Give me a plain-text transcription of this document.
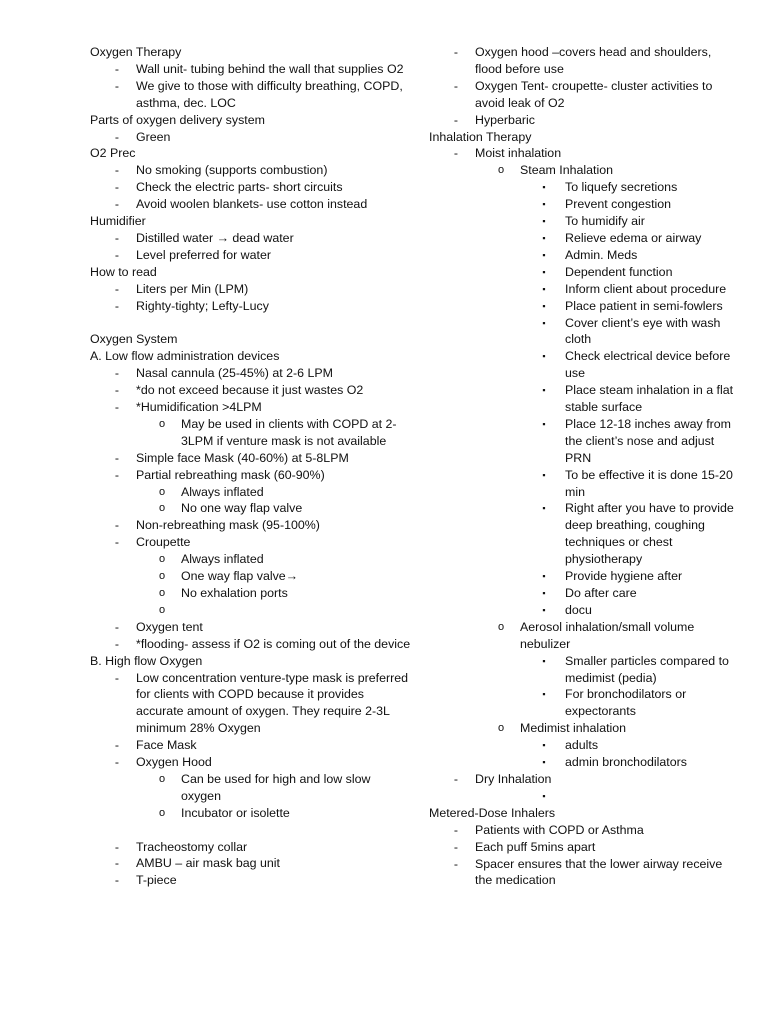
Oxygen Therapy
- Wall unit- tubing behind the wall that supplies O2
- We give to those with difficulty breathing, COPD, asthma, dec. LOC
Parts of oxygen delivery system
- Green
O2 Prec
- No smoking (supports combustion)
- Check the electric parts- short circuits
- Avoid woolen blankets- use cotton instead
Humidifier
- Distilled water → dead water
- Level preferred for water
How to read
- Liters per Min (LPM)
- Righty-tighty; Lefty-Lucy
Oxygen System
A. Low flow administration devices
- Nasal cannula (25-45%) at 2-6 LPM
- *do not exceed because it just wastes O2
- *Humidification >4LPM
o May be used in clients with COPD at 2-3LPM if venture mask is not available
- Simple face Mask (40-60%) at 5-8LPM
- Partial rebreathing mask (60-90%)
o Always inflated
o No one way flap valve
- Non-rebreathing mask (95-100%)
- Croupette
o Always inflated
o One way flap valve→
o No exhalation ports
o

- Oxygen tent
- *flooding- assess if O2 is coming out of the device
B. High flow Oxygen
- Low concentration venture-type mask is preferred for clients with COPD because it provides accurate amount of oxygen. They require 2-3L minimum 28% Oxygen
- Face Mask
- Oxygen Hood
o Can be used for high and low slow oxygen
o Incubator or isolette
- Tracheostomy collar
- AMBU – air mask bag unit
- T-piece
- Oxygen hood –covers head and shoulders, flood before use
- Oxygen Tent- croupette- cluster activities to avoid leak of O2
- Hyperbaric
Inhalation Therapy
- Moist inhalation
o Steam Inhalation
▪ To liquefy secretions
▪ Prevent congestion
▪ To humidify air
▪ Relieve edema or airway
▪ Admin. Meds
▪ Dependent function
▪ Inform client about procedure
▪ Place patient in semi-fowlers
▪ Cover client’s eye with wash cloth
▪ Check electrical device before use
▪ Place steam inhalation in a flat stable surface
▪ Place 12-18 inches away from the client’s nose and adjust PRN
▪ To be effective it is done 15-20 min
▪ Right after you have to provide deep breathing, coughing techniques or chest physiotherapy
▪ Provide hygiene after
▪ Do after care
▪ docu
o Aerosol inhalation/small volume nebulizer
▪ Smaller particles compared to medimist (pedia)
▪ For bronchodilators or expectorants
o Medimist inhalation
▪ adults
▪ admin bronchodilators
- Dry Inhalation
▪

Metered-Dose Inhalers
- Patients with COPD or Asthma
- Each puff 5mins apart
- Spacer ensures that the lower airway receive the medication
